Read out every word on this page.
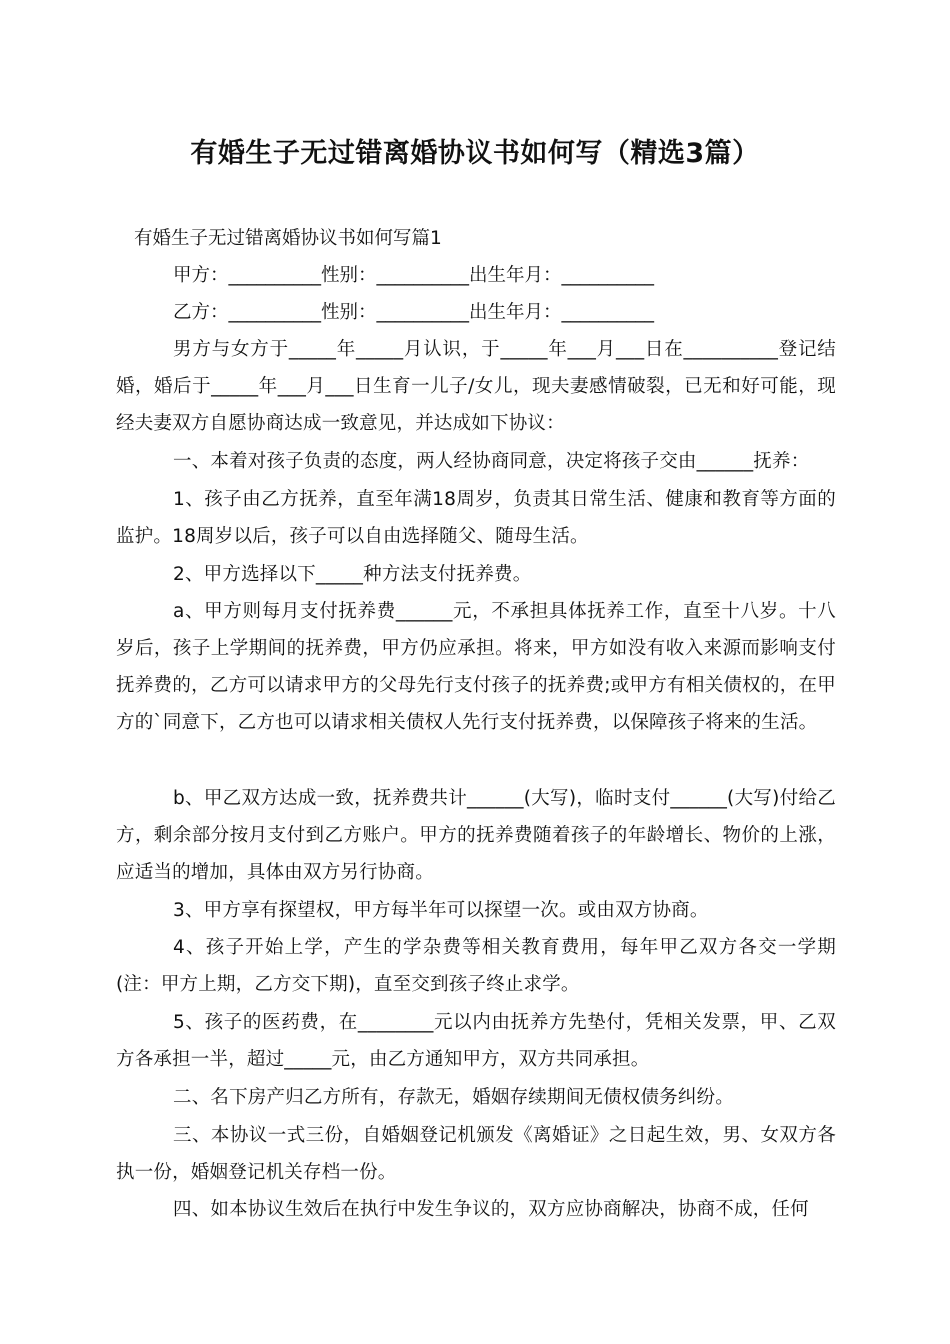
有婚生子无过错离婚协议书如何写（精选3篇）
有婚生子无过错离婚协议书如何写篇1
甲方：__________性别：__________出生年月：__________
乙方：__________性别：__________出生年月：__________
男方与女方于_____年_____月认识，于_____年___月___日在__________登记结婚，婚后于_____年___月___日生育一儿子/女儿，现夫妻感情破裂，已无和好可能，现经夫妻双方自愿协商达成一致意见，并达成如下协议：
一、本着对孩子负责的态度，两人经协商同意，决定将孩子交由______抚养：
1、孩子由乙方抚养，直至年满18周岁，负责其日常生活、健康和教育等方面的监护。18周岁以后，孩子可以自由选择随父、随母生活。
2、甲方选择以下_____种方法支付抚养费。
a、甲方则每月支付抚养费______元，不承担具体抚养工作，直至十八岁。十八岁后，孩子上学期间的抚养费，甲方仍应承担。将来，甲方如没有收入来源而影响支付抚养费的，乙方可以请求甲方的父母先行支付孩子的抚养费;或甲方有相关债权的，在甲方的`同意下，乙方也可以请求相关债权人先行支付抚养费，以保障孩子将来的生活。
b、甲乙双方达成一致，抚养费共计______(大写)，临时支付______(大写)付给乙方，剩余部分按月支付到乙方账户。甲方的抚养费随着孩子的年龄增长、物价的上涨，应适当的增加，具体由双方另行协商。
3、甲方享有探望权，甲方每半年可以探望一次。或由双方协商。
4、孩子开始上学，产生的学杂费等相关教育费用，每年甲乙双方各交一学期(注：甲方上期，乙方交下期)，直至交到孩子终止求学。
5、孩子的医药费，在________元以内由抚养方先垫付，凭相关发票，甲、乙双方各承担一半，超过_____元，由乙方通知甲方，双方共同承担。
二、名下房产归乙方所有，存款无，婚姻存续期间无债权债务纠纷。
三、本协议一式三份，自婚姻登记机颁发《离婚证》之日起生效，男、女双方各执一份，婚姻登记机关存档一份。
四、如本协议生效后在执行中发生争议的，双方应协商解决，协商不成，任何
